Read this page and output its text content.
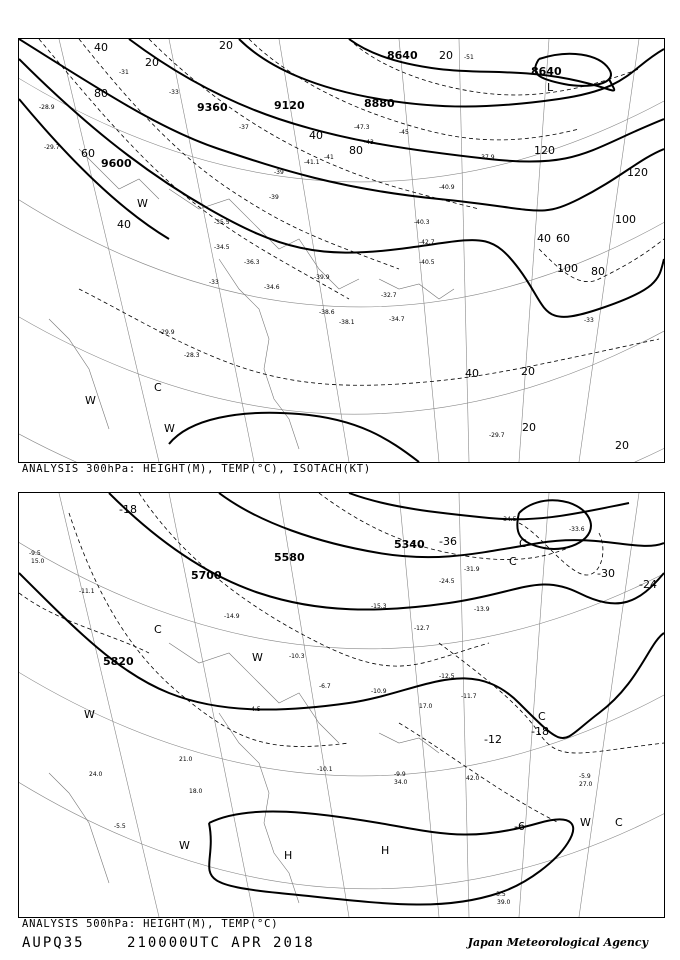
9600
9360	9120	8880
8640
8640
40
60
80
20
20
40
20
80	120
120
100
40 60
100 80
20
40
20
20
40
W
W
C
W
L
-28.9
-29.7
-31
-33
-35.5
-37
-39
-41
-43
-45
-47.3
-51
-36.3
-34.5
-38.6
-40.3
-42.7
-40.9
-33
-39
-41.1
-37.9
-29.9
-28.3
-34.6
-39.9
-32.7
-34.7
-38.1
-40.5
-29.7
-33
ANALYSIS 300hPa: HEIGHT(M), TEMP(°C), ISOTACH(KT)
5820
5700
5580
5340
-18
-36
-30
-24
-18
-12
-6
C
W
W
C
C
W C
W
H	H
C
-9.5
15.0
-11.1
-14.9
-10.3
-6.7
-4.5
-12.7
-15.3	-13.9
-24.5
-31.9
-34.5
-33.6
-12.5
-11.7
-10.9
-9.9
-10.1
-5.9
-5.5
-3.5
39.0
42.0
34.0	27.0
24.0
21.0
18.0
17.0
ANALYSIS 500hPa: HEIGHT(M), TEMP(°C)
AUPQ35	210000UTC APR 2018	Japan Meteorological Agency
